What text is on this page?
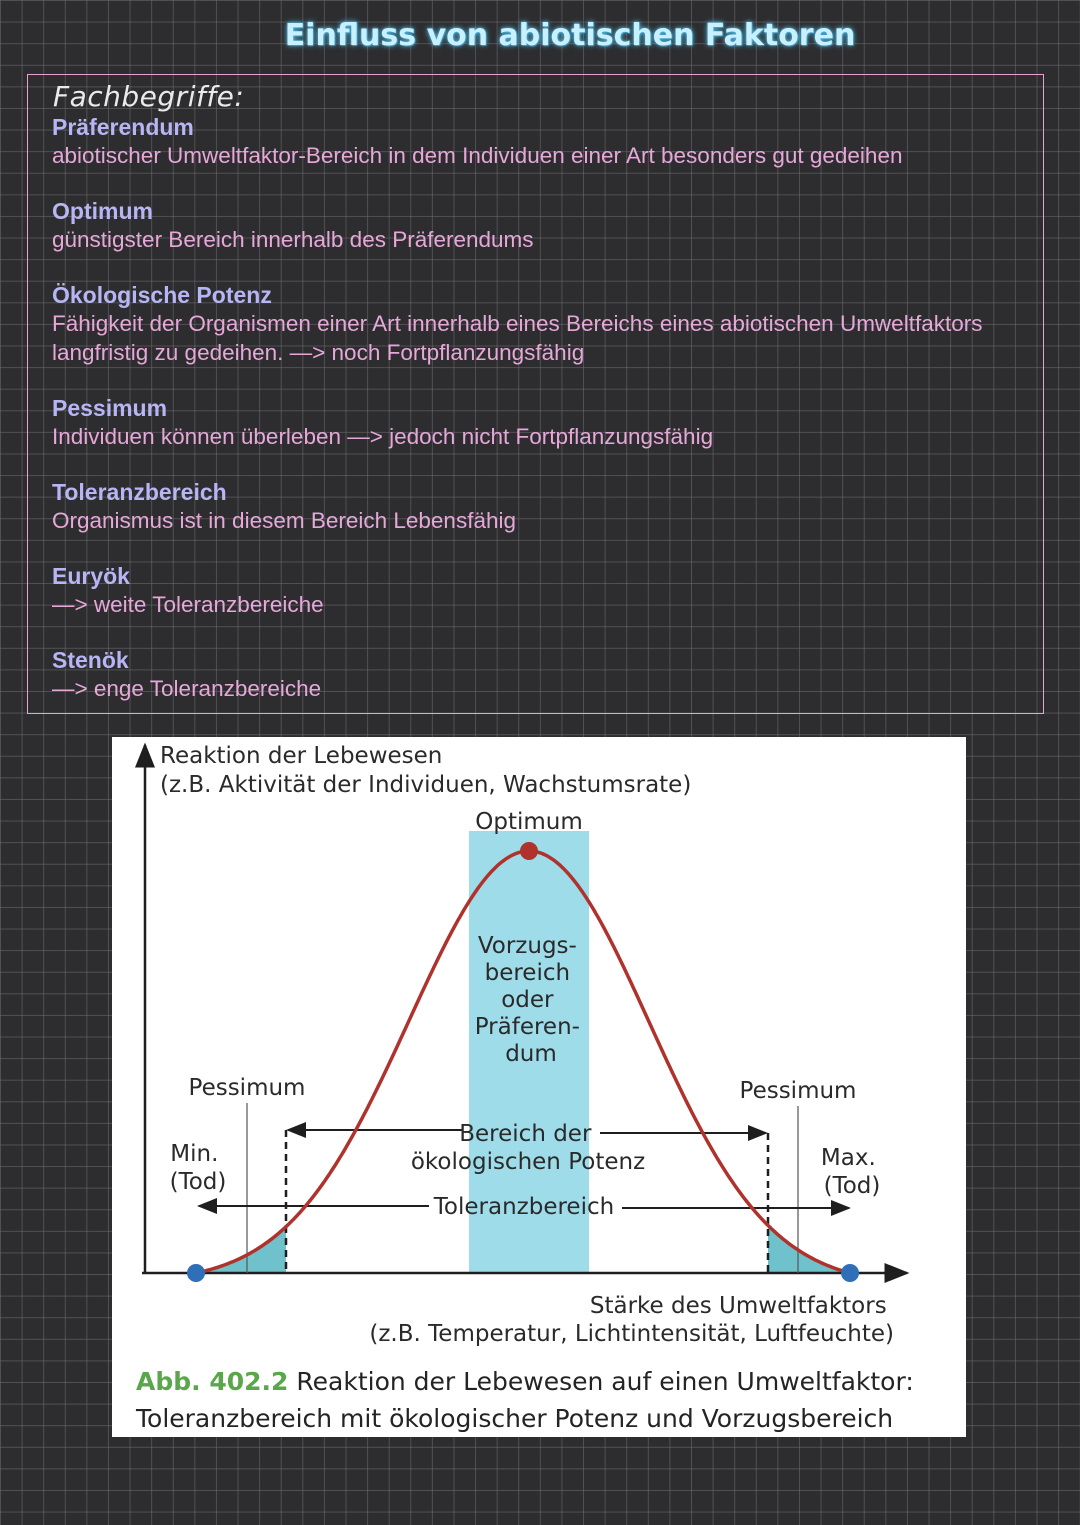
Einfluss von abiotischen Faktoren
Fachbegriffe:
Präferendum
abiotischer Umweltfaktor-Bereich in dem Individuen einer Art besonders gut gedeihen
Optimum
günstigster Bereich innerhalb des Präferendums
Ökologische Potenz
Fähigkeit der Organismen einer Art innerhalb eines Bereichs eines abiotischen Umweltfaktors
langfristig zu gedeihen. —> noch Fortpflanzungsfähig
Pessimum
Individuen können überleben —> jedoch nicht Fortpflanzungsfähig
Toleranzbereich
Organismus ist in diesem Bereich Lebensfähig
Euryök
—> weite Toleranzbereiche
Stenök
—> enge Toleranzbereiche
Reaktion der Lebewesen (z.B. Aktivität der Individuen, Wachstumsrate)
Optimum
Vorzugs- bereich oder Präferen- dum
Pessimum	Pessimum
Min. (Tod)
Max. (Tod)
Bereich der ökologischen Potenz
Toleranzbereich
Stärke des Umweltfaktors (z.B. Temperatur, Lichtintensität, Luftfeuchte)
Abb. 402.2 Reaktion der Lebewesen auf einen Umweltfaktor: Toleranzbereich mit ökologischer Potenz und Vorzugsbereich
